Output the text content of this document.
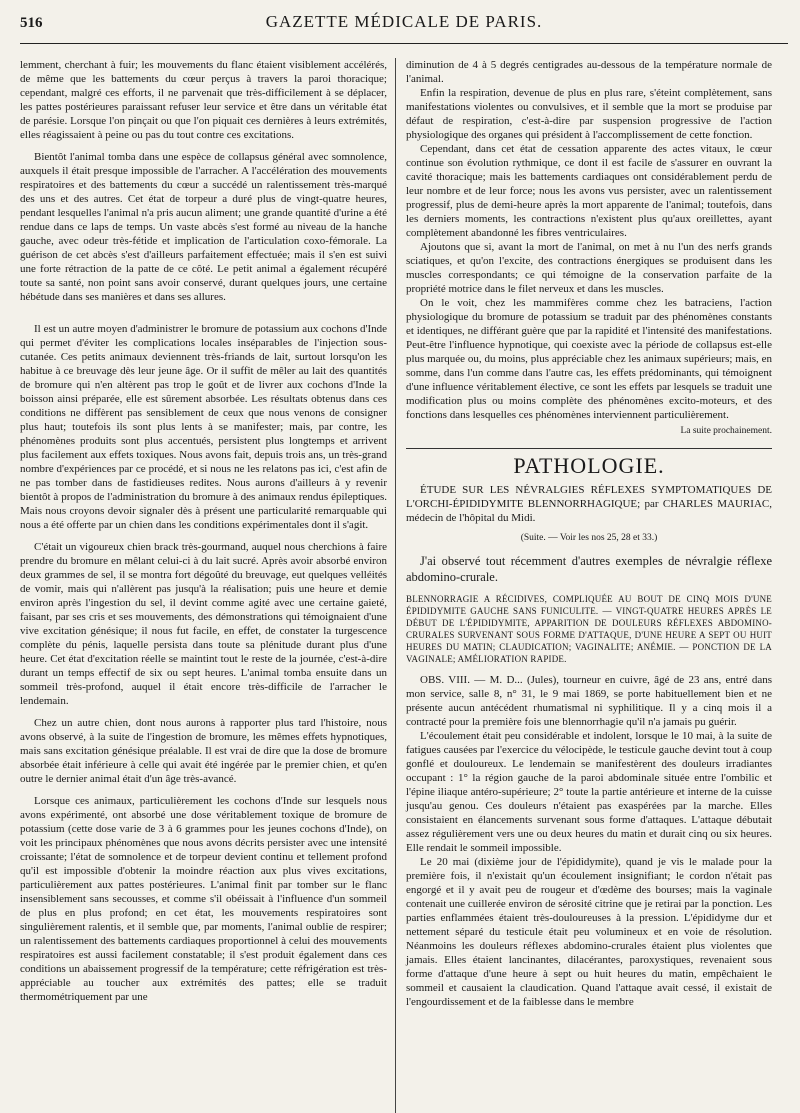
516	GAZETTE MÉDICALE DE PARIS.

lemment, cherchant à fuir; les mouvements du flanc étaient visiblement accélérés, de même que les battements du cœur perçus à travers la paroi thoracique; cependant, malgré ces efforts, il ne parvenait que très-difficilement à se déplacer, les pattes postérieures paraissant refuser leur service et être dans un véritable état de parésie. Lorsque l'on pinçait ou que l'on piquait ces dernières à leurs extrémités, elles réagissaient à peine ou pas du tout contre ces excitations.

Bientôt l'animal tomba dans une espèce de collapsus général avec somnolence, auxquels il était presque impossible de l'arracher. A l'accélération des mouvements respiratoires et des battements du cœur a succédé un ralentissement très-marqué des uns et des autres. Cet état de torpeur a duré plus de vingt-quatre heures, pendant lesquelles l'animal n'a pris aucun aliment; une grande quantité d'urine a été rendue dans ce laps de temps. Un vaste abcès s'est formé au niveau de la hanche gauche, avec odeur très-fétide et implication de l'articulation coxo-fémorale. La guérison de cet abcès s'est d'ailleurs parfaitement effectuée; mais il s'en est suivi une forte rétraction de la patte de ce côté. Le petit animal a également récupéré toute sa santé, non point sans avoir conservé, durant quelques jours, une certaine hébétude dans ses manières et dans ses allures.

Il est un autre moyen d'administrer le bromure de potassium aux cochons d'Inde qui permet d'éviter les complications locales inséparables de l'injection sous-cutanée. Ces petits animaux deviennent très-friands de lait, surtout lorsqu'on les habitue à ce breuvage dès leur jeune âge. Or il suffit de mêler au lait des quantités de bromure qui n'en altèrent pas trop le goût et de livrer aux cochons d'Inde la boisson ainsi préparée, elle est sûrement absorbée. Les résultats obtenus dans ces conditions ne diffèrent pas sensiblement de ceux que nous venons de consigner plus haut; toutefois ils sont plus lents à se manifester; mais, par contre, les phénomènes produits sont plus accentués, persistent plus longtemps et arrivent plus facilement aux effets toxiques. Nous avons fait, depuis trois ans, un très-grand nombre d'expériences par ce procédé, et si nous ne les relatons pas ici, c'est afin de ne pas tomber dans de fastidieuses redites. Nous aurons d'ailleurs à y revenir bientôt à propos de l'administration du bromure à des animaux rendus épileptiques. Mais nous croyons devoir signaler dès à présent une particularité remarquable qui nous a été offerte par un chien dans les conditions expérimentales dont il s'agit.

C'était un vigoureux chien brack très-gourmand, auquel nous cherchions à faire prendre du bromure en mêlant celui-ci à du lait sucré. Après avoir absorbé environ deux grammes de sel, il se montra fort dégoûté du breuvage, eut quelques velléités de vomir, mais qui n'allèrent pas jusqu'à la réalisation; puis une heure et demie environ après l'ingestion du sel, il devint comme agité avec une certaine gaieté, faisant, par ses cris et ses mouvements, des démonstrations qui témoignaient d'une vive excitation génésique; il nous fut facile, en effet, de constater la turgescence complète du pénis, laquelle persista dans toute sa plénitude durant plus d'une heure. Cet état d'excitation réelle se maintint tout le reste de la journée, c'est-à-dire durant un temps effectif de six ou sept heures. L'animal tomba ensuite dans un sommeil très-profond, auquel il était encore très-difficile de l'arracher le lendemain.

Chez un autre chien, dont nous aurons à rapporter plus tard l'histoire, nous avons observé, à la suite de l'ingestion de bromure, les mêmes effets hypnotiques, mais sans excitation génésique préalable. Il est vrai de dire que la dose de bromure absorbée était inférieure à celle qui avait été ingérée par le premier chien, et qu'en outre le dernier animal était d'un âge très-avancé.

Lorsque ces animaux, particulièrement les cochons d'Inde sur lesquels nous avons expérimenté, ont absorbé une dose véritablement toxique de bromure de potassium (cette dose varie de 3 à 6 grammes pour les jeunes cochons d'Inde), on voit les principaux phénomènes que nous avons décrits persister avec une intensité croissante; l'état de somnolence et de torpeur devient continu et tellement profond qu'il est impossible d'obtenir la moindre réaction aux plus vives excitations, particulièrement aux pattes postérieures. L'animal finit par tomber sur le flanc insensiblement sans secousses, et comme s'il obéissait à l'influence d'un sommeil de plus en plus profond; en cet état, les mouvements respiratoires sont singulièrement ralentis, et il semble que, par moments, l'animal oublie de respirer; un ralentissement des battements cardiaques proportionnel à celui des mouvements respiratoires est aussi facilement constatable; il s'est produit également dans ces conditions un abaissement progressif de la température; cette réfrigération est très-appréciable au toucher aux extrémités des pattes; elle se traduit thermométriquement par une

diminution de 4 à 5 degrés centigrades au-dessous de la température normale de l'animal.

Enfin la respiration, devenue de plus en plus rare, s'éteint complètement, sans manifestations violentes ou convulsives, et il semble que la mort se produise par défaut de respiration, c'est-à-dire par suspension progressive de l'action physiologique des organes qui président à l'accomplissement de cette fonction.

Cependant, dans cet état de cessation apparente des actes vitaux, le cœur continue son évolution rythmique, ce dont il est facile de s'assurer en ouvrant la cavité thoracique; mais les battements cardiaques ont considérablement perdu de leur nombre et de leur force; nous les avons vus persister, avec un ralentissement progressif, plus de demi-heure après la mort apparente de l'animal; toutefois, dans les derniers moments, les contractions n'existent plus qu'aux oreillettes, ayant complètement abandonné les fibres ventriculaires.

Ajoutons que si, avant la mort de l'animal, on met à nu l'un des nerfs grands sciatiques, et qu'on l'excite, des contractions énergiques se produisent dans les muscles correspondants; ce qui témoigne de la conservation parfaite de la propriété motrice dans le filet nerveux et dans les muscles.

On le voit, chez les mammifères comme chez les batraciens, l'action physiologique du bromure de potassium se traduit par des phénomènes constants et identiques, ne différant guère que par la rapidité et l'intensité des manifestations. Peut-être l'influence hypnotique, qui coexiste avec la période de collapsus est-elle plus marquée ou, du moins, plus appréciable chez les animaux supérieurs; mais, en somme, dans l'un comme dans l'autre cas, les effets prédominants, qui témoignent d'une influence véritablement élective, ce sont les effets par lesquels se traduit une modification plus ou moins complète des phénomènes excito-moteurs, et des fonctions dans lesquelles ces phénomènes interviennent particulièrement.

La suite prochainement.
PATHOLOGIE.
ÉTUDE SUR LES NÉVRALGIES RÉFLEXES SYMPTOMATIQUES DE L'ORCHI-ÉPIDIDYMITE BLENNORRHAGIQUE; par CHARLES MAURIAC, médecin de l'hôpital du Midi.
(Suite. — Voir les nos 25, 28 et 33.)

J'ai observé tout récemment d'autres exemples de névralgie réflexe abdomino-crurale.

BLENNORRAGIE A RÉCIDIVES, COMPLIQUÉE AU BOUT DE CINQ MOIS D'UNE ÉPIDIDYMITE GAUCHE SANS FUNICULITE. — VINGT-QUATRE HEURES APRÈS LE DÉBUT DE L'ÉPIDIDYMITE, APPARITION DE DOULEURS RÉFLEXES ABDOMINO-CRURALES SURVENANT SOUS FORME D'ATTAQUE, D'UNE HEURE A SEPT OU HUIT HEURES DU MATIN; CLAUDICATION; VAGINALITE; ANÉMIE. — PONCTION DE LA VAGINALE; AMÉLIORATION RAPIDE.

OBS. VIII. — M. D... (Jules), tourneur en cuivre, âgé de 23 ans, entré dans mon service, salle 8, n° 31, le 9 mai 1869, se porte habituellement bien et ne présente aucun antécédent rhumatismal ni syphilitique. Il y a cinq mois il a contracté pour la première fois une blennorrhagie qu'il n'a jamais pu guérir.

L'écoulement était peu considérable et indolent, lorsque le 10 mai, à la suite de fatigues causées par l'exercice du vélocipède, le testicule gauche devint tout à coup gonflé et douloureux. Le lendemain se manifestèrent des douleurs irradiantes occupant : 1° la région gauche de la paroi abdominale située entre l'ombilic et l'épine iliaque antéro-supérieure; 2° toute la partie antérieure et interne de la cuisse jusqu'au genou. Ces douleurs n'étaient pas exaspérées par la marche. Elles consistaient en élancements survenant sous forme d'attaques. L'attaque débutait assez régulièrement vers une ou deux heures du matin et durait cinq ou six heures. Elle rendait le sommeil impossible.

Le 20 mai (dixième jour de l'épididymite), quand je vis le malade pour la première fois, il n'existait qu'un écoulement insignifiant; le cordon n'était pas engorgé et il y avait peu de rougeur et d'œdème des bourses; mais la vaginale contenait une cuillerée environ de sérosité citrine que je retirai par la ponction. Les parties enflammées étaient très-douloureuses à la pression. L'épididyme dur et nettement séparé du testicule était peu volumineux et en voie de résolution. Néanmoins les douleurs réflexes abdomino-crurales étaient plus violentes que jamais. Elles étaient lancinantes, dilacérantes, paroxystiques, revenaient sous forme d'attaque d'une heure à sept ou huit heures du matin, empêchaient le sommeil et causaient la claudication. Quand l'attaque avait cessé, il existait de l'engourdissement et de la faiblesse dans le membre
